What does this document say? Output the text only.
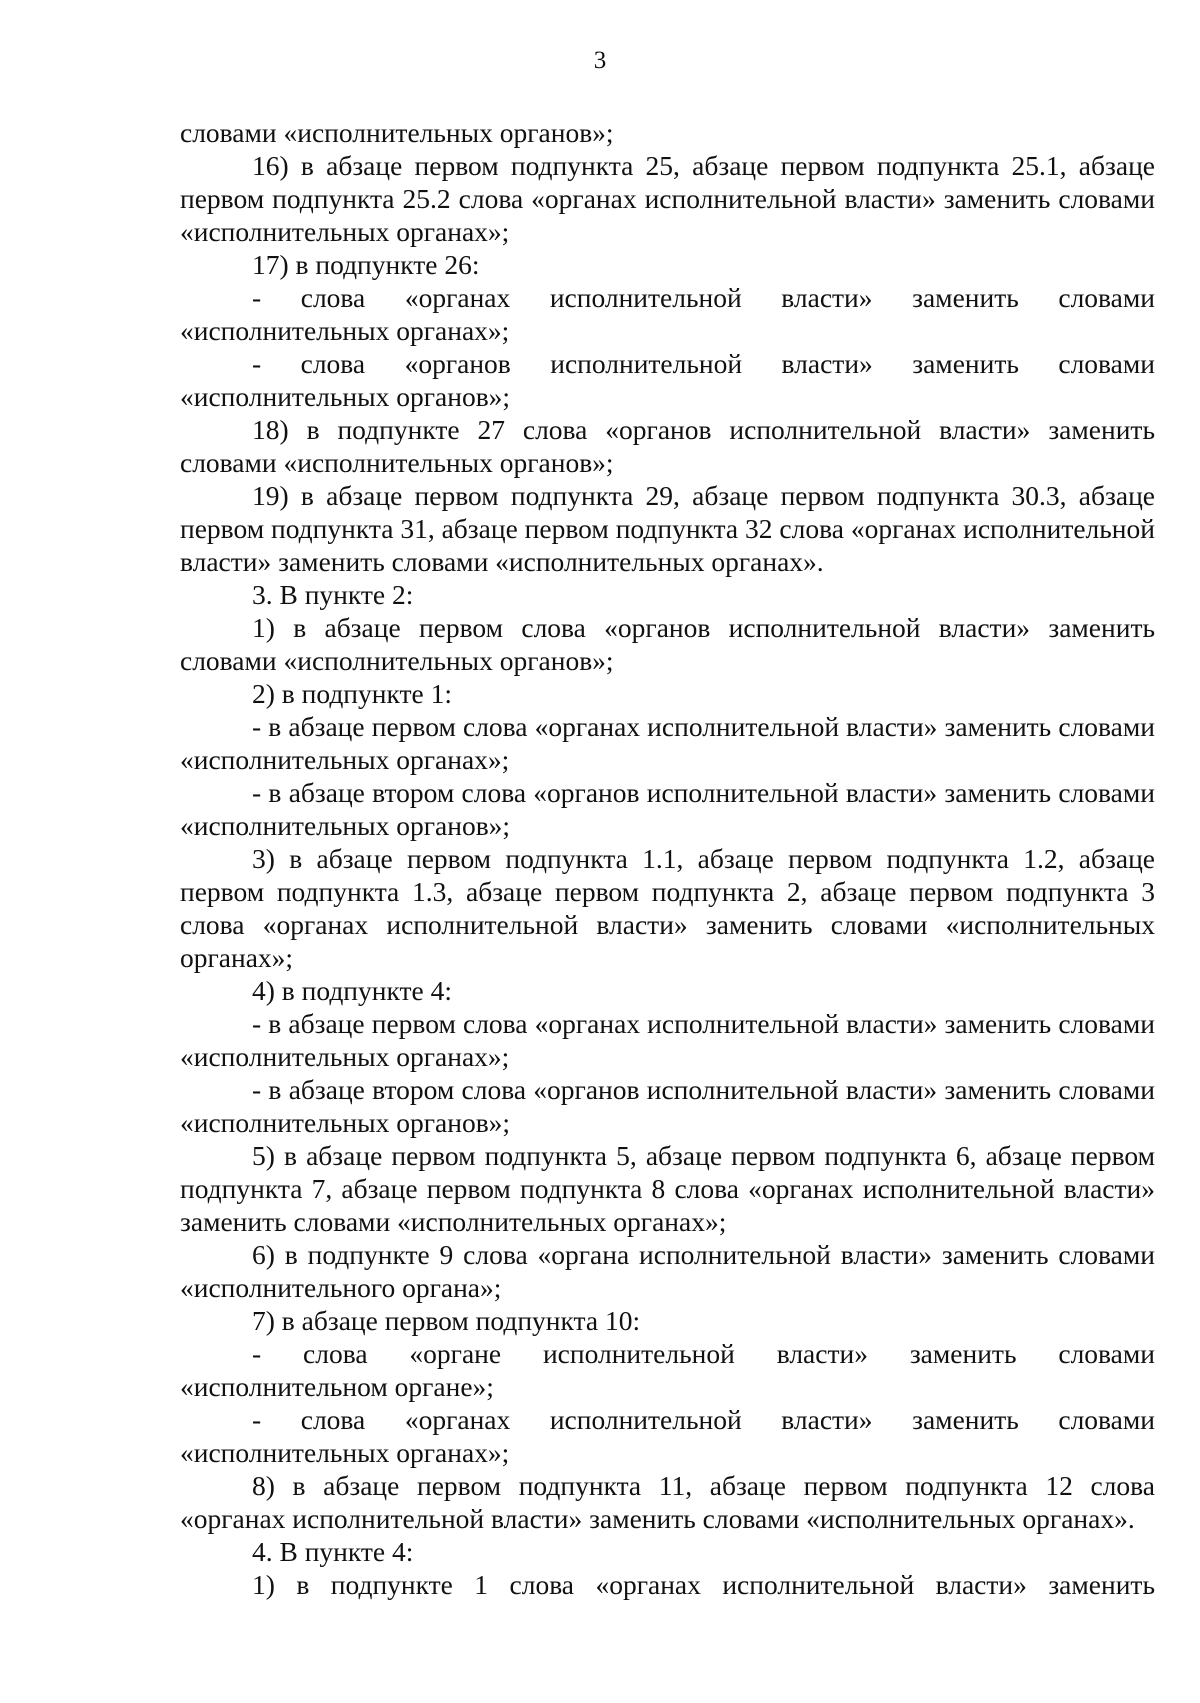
3

словами «исполнительных органов»;

16) в абзаце первом подпункта 25, абзаце первом подпункта 25.1, абзаце первом подпункта 25.2 слова «органах исполнительной власти» заменить словами «исполнительных органах»;

17) в подпункте 26:

- слова «органах исполнительной власти» заменить словами «исполнительных органах»;

- слова «органов исполнительной власти» заменить словами «исполнительных органов»;

18) в подпункте 27 слова «органов исполнительной власти» заменить словами «исполнительных органов»;

19) в абзаце первом подпункта 29, абзаце первом подпункта 30.3, абзаце первом подпункта 31, абзаце первом подпункта 32 слова «органах исполнительной власти» заменить словами «исполнительных органах».

3. В пункте 2:

1) в абзаце первом слова «органов исполнительной власти» заменить словами «исполнительных органов»;

2) в подпункте 1:

- в абзаце первом слова «органах исполнительной власти» заменить словами «исполнительных органах»;

- в абзаце втором слова «органов исполнительной власти» заменить словами «исполнительных органов»;

3) в абзаце первом подпункта 1.1, абзаце первом подпункта 1.2, абзаце первом подпункта 1.3, абзаце первом подпункта 2, абзаце первом подпункта 3 слова «органах исполнительной власти» заменить словами «исполнительных органах»;

4) в подпункте 4:

- в абзаце первом слова «органах исполнительной власти» заменить словами «исполнительных органах»;

- в абзаце втором слова «органов исполнительной власти» заменить словами «исполнительных органов»;

5) в абзаце первом подпункта 5, абзаце первом подпункта 6, абзаце первом подпункта 7, абзаце первом подпункта 8 слова «органах исполнительной власти» заменить словами «исполнительных органах»;

6) в подпункте 9 слова «органа исполнительной власти» заменить словами «исполнительного органа»;

7) в абзаце первом подпункта 10:

- слова «органе исполнительной власти» заменить словами «исполнительном органе»;

- слова «органах исполнительной власти» заменить словами «исполнительных органах»;

8) в абзаце первом подпункта 11, абзаце первом подпункта 12 слова «органах исполнительной власти» заменить словами «исполнительных органах».

4. В пункте 4:

1) в подпункте 1 слова «органах исполнительной власти» заменить
